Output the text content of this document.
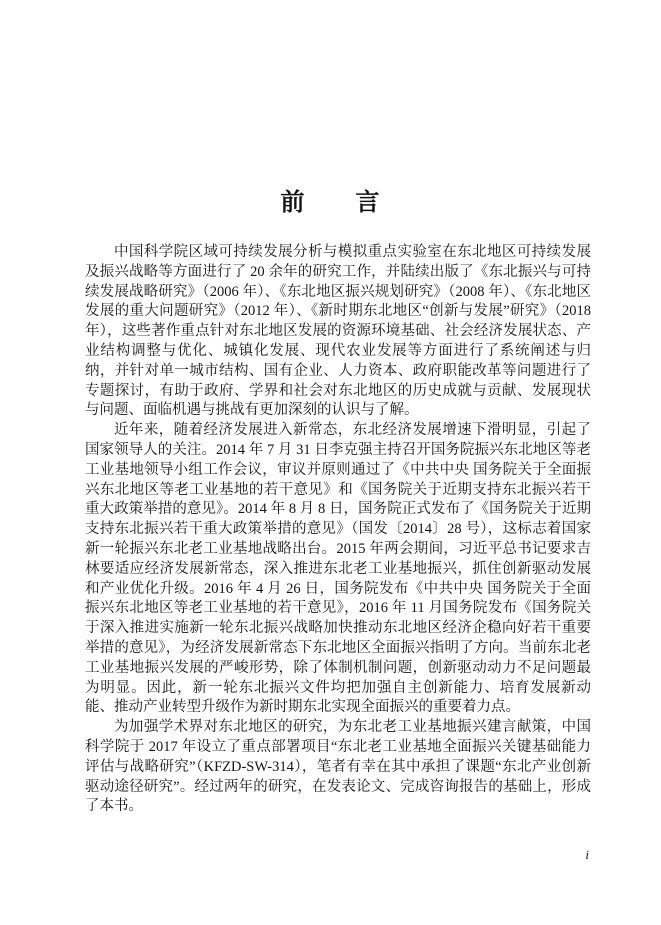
前　　言

中国科学院区域可持续发展分析与模拟重点实验室在东北地区可持续发展及振兴战略等方面进行了 20 余年的研究工作，并陆续出版了《东北振兴与可持续发展战略研究》（2006 年）、《东北地区振兴规划研究》（2008 年）、《东北地区发展的重大问题研究》（2012 年）、《新时期东北地区“创新与发展”研究》（2018 年），这些著作重点针对东北地区发展的资源环境基础、社会经济发展状态、产业结构调整与优化、城镇化发展、现代农业发展等方面进行了系统阐述与归纳，并针对单一城市结构、国有企业、人力资本、政府职能改革等问题进行了专题探讨，有助于政府、学界和社会对东北地区的历史成就与贡献、发展现状与问题、面临机遇与挑战有更加深刻的认识与了解。

近年来，随着经济发展进入新常态，东北经济发展增速下滑明显，引起了国家领导人的关注。2014 年 7 月 31 日李克强主持召开国务院振兴东北地区等老工业基地领导小组工作会议，审议并原则通过了《中共中央 国务院关于全面振兴东北地区等老工业基地的若干意见》和《国务院关于近期支持东北振兴若干重大政策举措的意见》。2014 年 8 月 8 日，国务院正式发布了《国务院关于近期支持东北振兴若干重大政策举措的意见》（国发〔2014〕28 号），这标志着国家新一轮振兴东北老工业基地战略出台。2015 年两会期间，习近平总书记要求吉林要适应经济发展新常态，深入推进东北老工业基地振兴，抓住创新驱动发展和产业优化升级。2016 年 4 月 26 日，国务院发布《中共中央 国务院关于全面振兴东北地区等老工业基地的若干意见》，2016 年 11 月国务院发布《国务院关于深入推进实施新一轮东北振兴战略加快推动东北地区经济企稳向好若干重要举措的意见》，为经济发展新常态下东北地区全面振兴指明了方向。当前东北老工业基地振兴发展的严峻形势，除了体制机制问题，创新驱动动力不足问题最为明显。因此，新一轮东北振兴文件均把加强自主创新能力、培育发展新动能、推动产业转型升级作为新时期东北实现全面振兴的重要着力点。

为加强学术界对东北地区的研究，为东北老工业基地振兴建言献策，中国科学院于 2017 年设立了重点部署项目“东北老工业基地全面振兴关键基础能力评估与战略研究”（KFZD-SW-314），笔者有幸在其中承担了课题“东北产业创新驱动途径研究”。经过两年的研究，在发表论文、完成咨询报告的基础上，形成了本书。

i
